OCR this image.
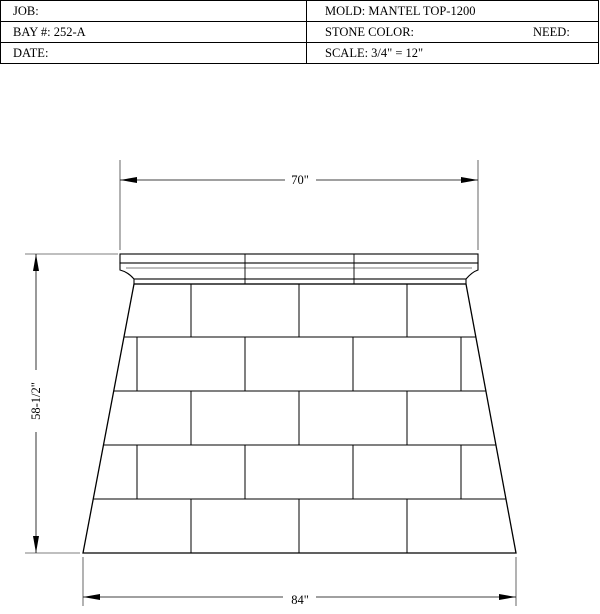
JOB:	MOLD: MANTEL TOP-1200
BAY #: 252-A	STONE COLOR: NEED:

DATE:	SCALE: 3/4" = 12"
70"
58-1/2"
84"
